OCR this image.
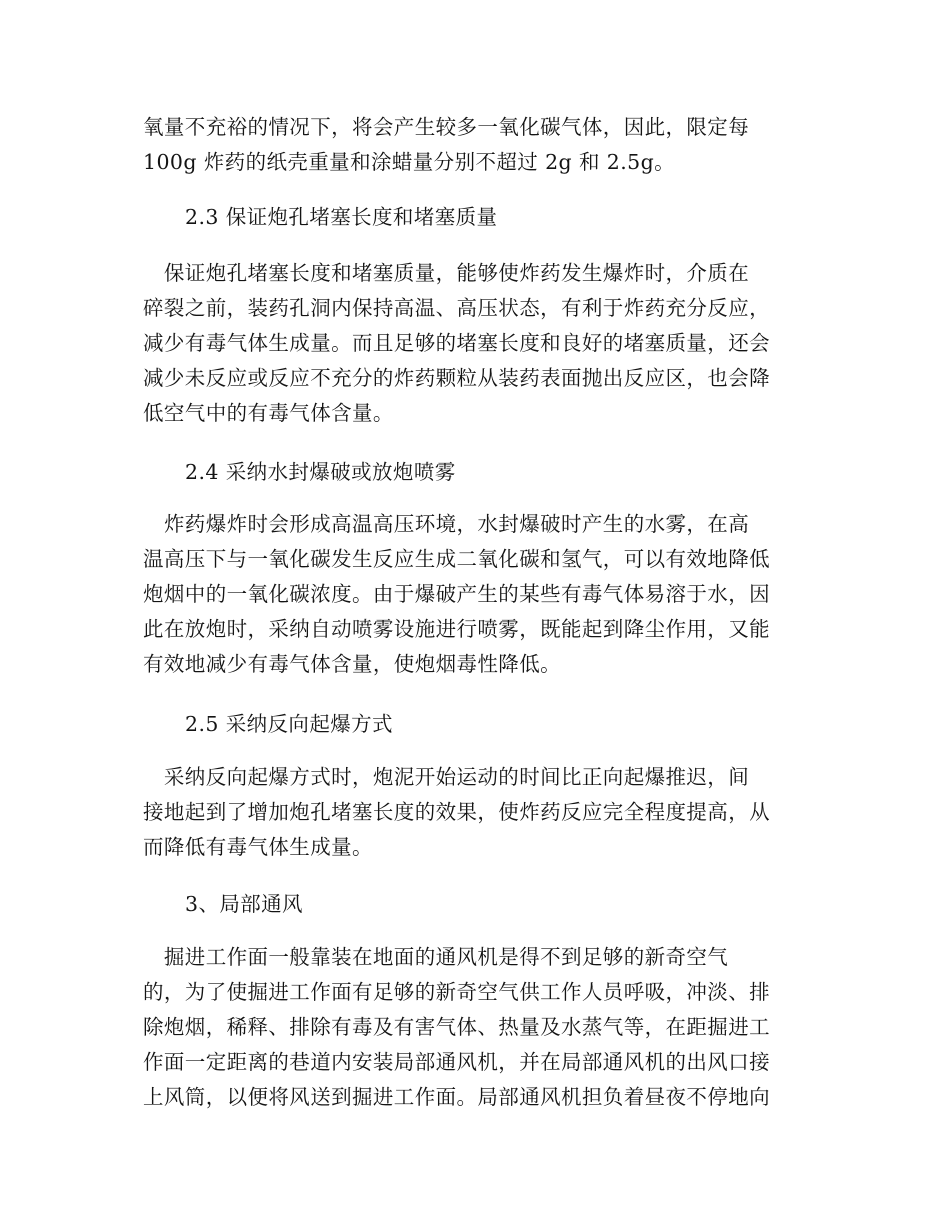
氧量不充裕的情况下，将会产生较多一氧化碳气体，因此，限定每
100g 炸药的纸壳重量和涂蜡量分别不超过 2g 和 2.5g。
2.3 保证炮孔堵塞长度和堵塞质量
　保证炮孔堵塞长度和堵塞质量，能够使炸药发生爆炸时，介质在
碎裂之前，装药孔洞内保持高温、高压状态，有利于炸药充分反应，
减少有毒气体生成量。而且足够的堵塞长度和良好的堵塞质量，还会
减少未反应或反应不充分的炸药颗粒从装药表面抛出反应区，也会降
低空气中的有毒气体含量。
2.4 采纳水封爆破或放炮喷雾
　炸药爆炸时会形成高温高压环境，水封爆破时产生的水雾，在高
温高压下与一氧化碳发生反应生成二氧化碳和氢气，可以有效地降低
炮烟中的一氧化碳浓度。由于爆破产生的某些有毒气体易溶于水，因
此在放炮时，采纳自动喷雾设施进行喷雾，既能起到降尘作用，又能
有效地减少有毒气体含量，使炮烟毒性降低。
2.5 采纳反向起爆方式
　采纳反向起爆方式时，炮泥开始运动的时间比正向起爆推迟，间
接地起到了增加炮孔堵塞长度的效果，使炸药反应完全程度提高，从
而降低有毒气体生成量。
3、局部通风
　掘进工作面一般靠装在地面的通风机是得不到足够的新奇空气
的，为了使掘进工作面有足够的新奇空气供工作人员呼吸，冲淡、排
除炮烟，稀释、排除有毒及有害气体、热量及水蒸气等，在距掘进工
作面一定距离的巷道内安装局部通风机，并在局部通风机的出风口接
上风筒，以便将风送到掘进工作面。局部通风机担负着昼夜不停地向
